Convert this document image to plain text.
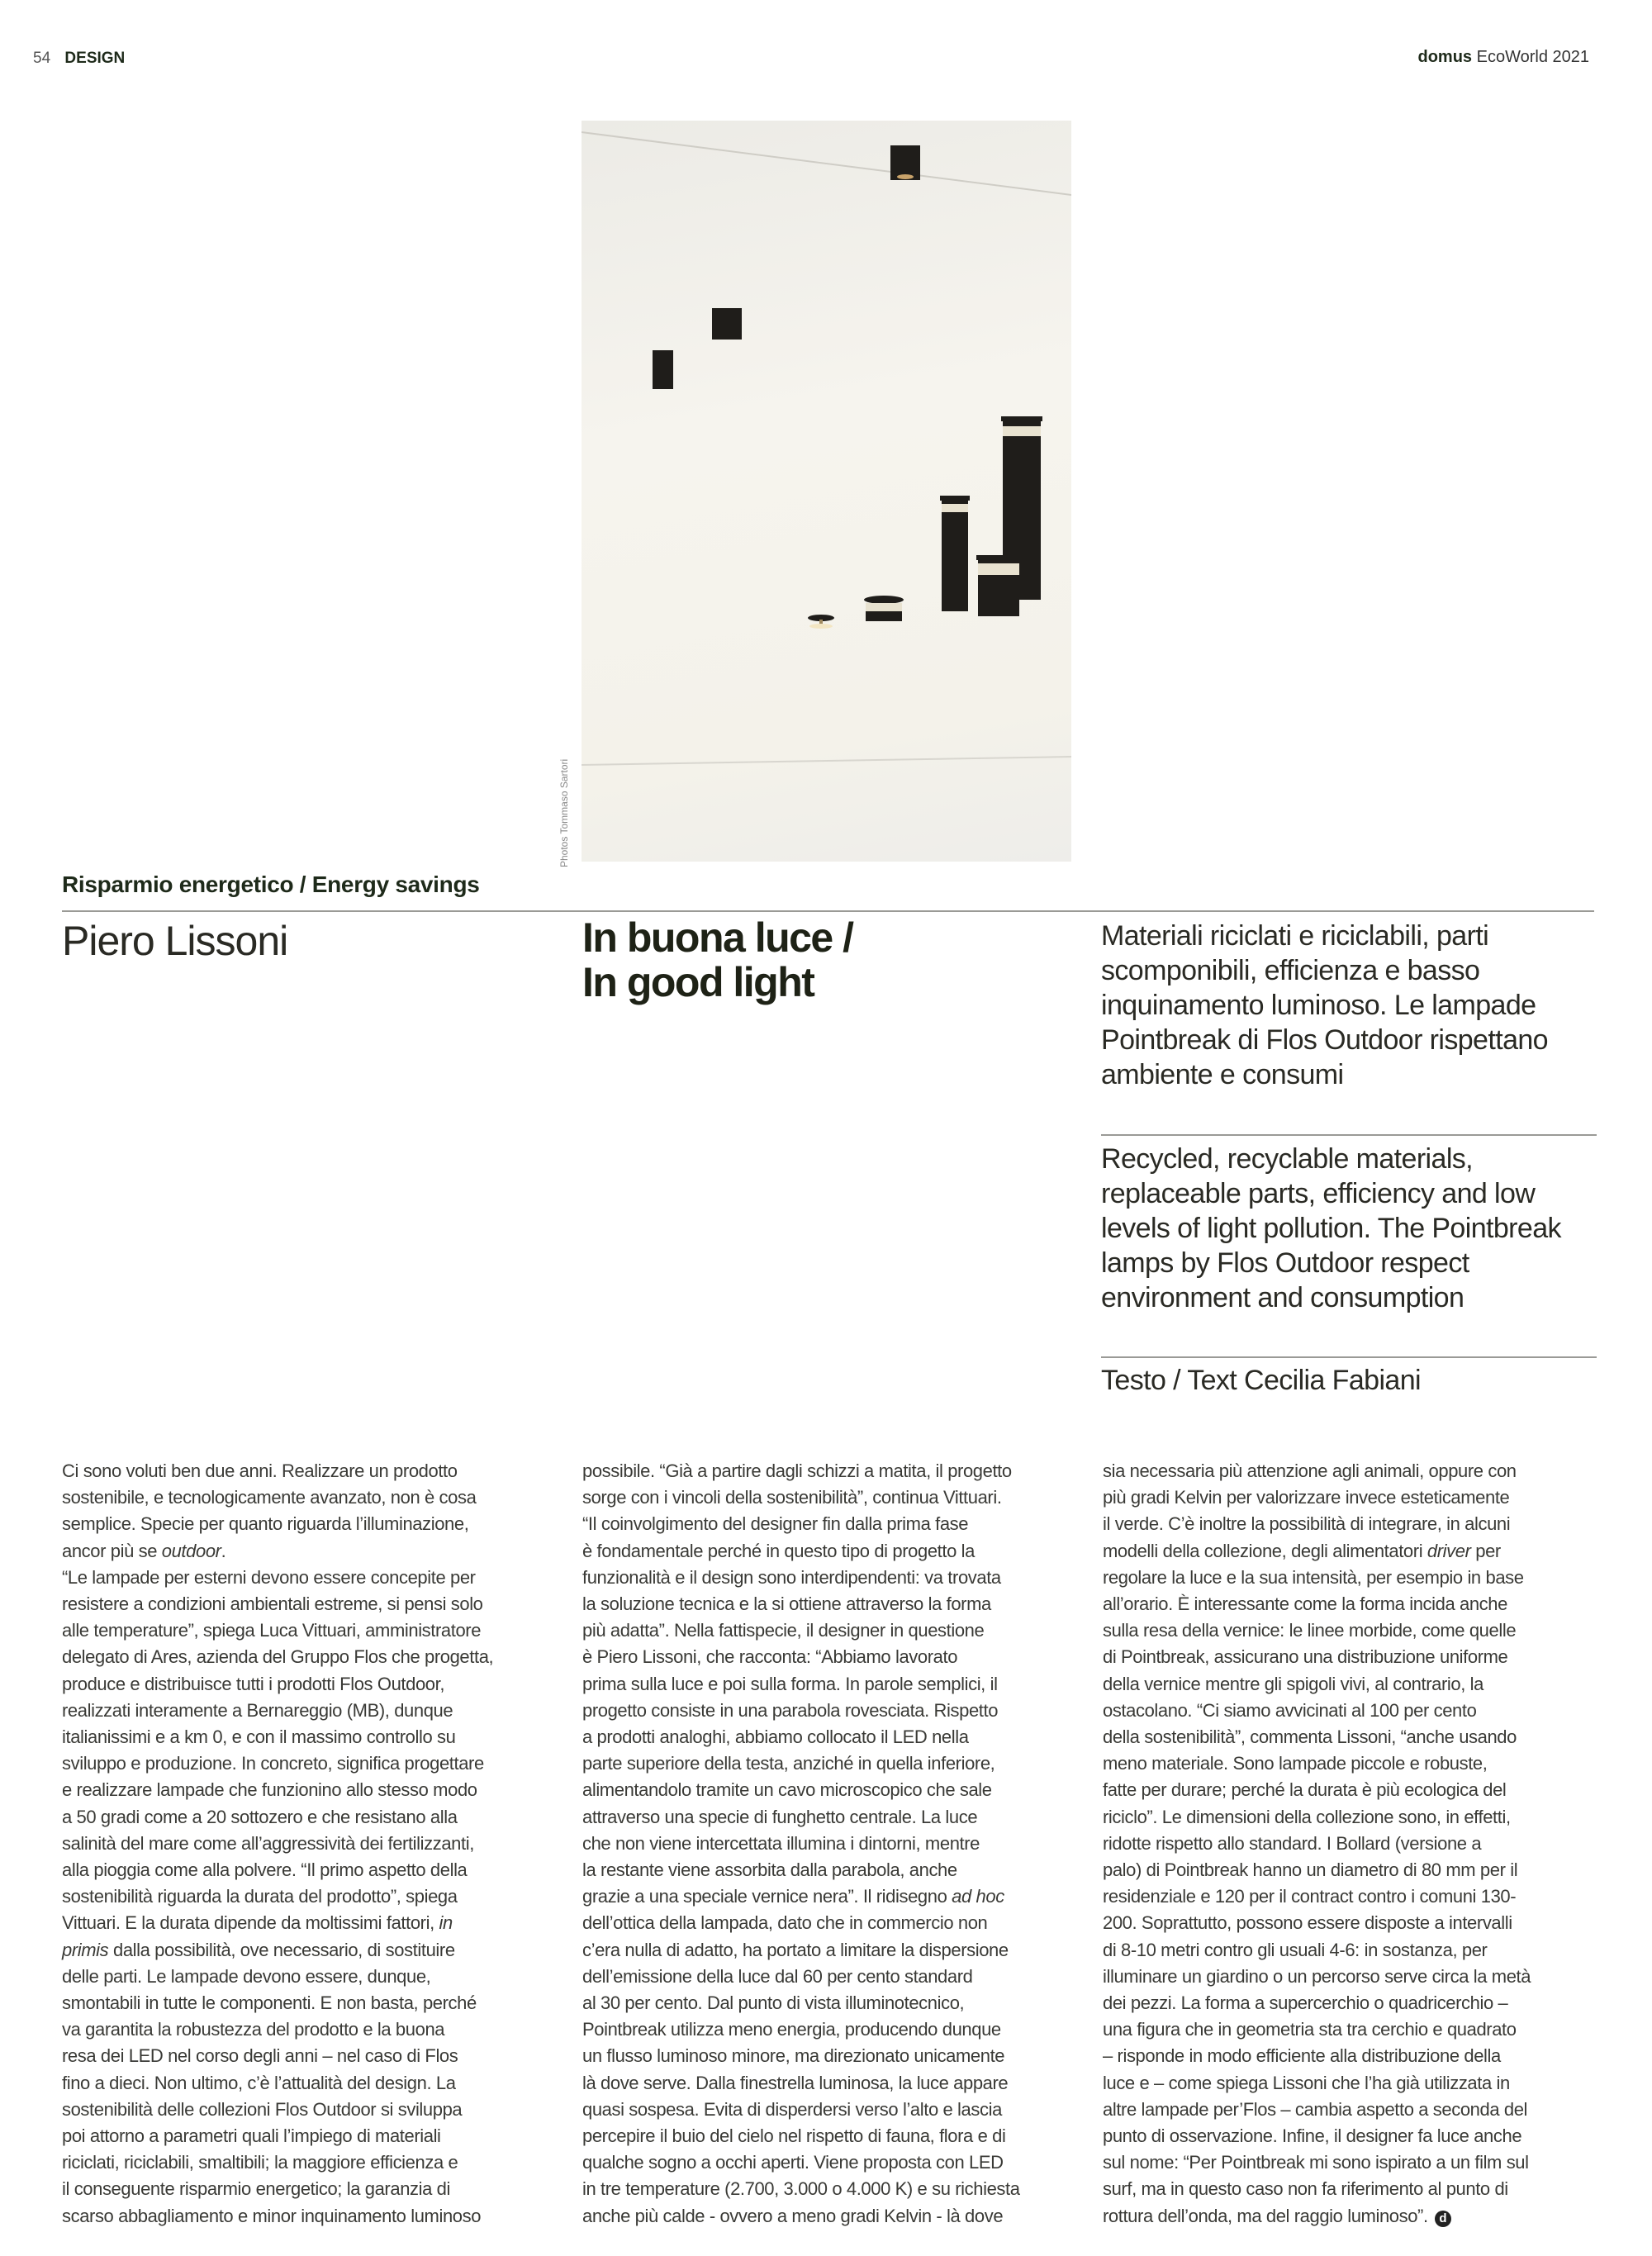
54 DESIGN	domus EcoWorld 2021
Photos Tommaso Sartori
Risparmio energetico / Energy savings
Piero Lissoni	In buona luce /
In good light
Materiali riciclati e riciclabili, parti
scomponibili, efficienza e basso
inquinamento luminoso. Le lampade
Pointbreak di Flos Outdoor rispettano
ambiente e consumi
Recycled, recyclable materials,
replaceable parts, efficiency and low
levels of light pollution. The Pointbreak
lamps by Flos Outdoor respect
environment and consumption
Testo / Text Cecilia Fabiani

Ci sono voluti ben due anni. Realizzare un prodotto

sostenibile, e tecnologicamente avanzato, non è cosa

semplice. Specie per quanto riguarda l’illuminazione,

ancor più se outdoor.

“Le lampade per esterni devono essere concepite per

resistere a condizioni ambientali estreme, si pensi solo

alle temperature”, spiega Luca Vittuari, amministratore

delegato di Ares, azienda del Gruppo Flos che progetta,

produce e distribuisce tutti i prodotti Flos Outdoor,

realizzati interamente a Bernareggio (MB), dunque

italianissimi e a km 0, e con il massimo controllo su

sviluppo e produzione. In concreto, significa progettare

e realizzare lampade che funzionino allo stesso modo

a 50 gradi come a 20 sottozero e che resistano alla

salinità del mare come all’aggressività dei fertilizzanti,

alla pioggia come alla polvere. “Il primo aspetto della

sostenibilità riguarda la durata del prodotto”, spiega

Vittuari. E la durata dipende da moltissimi fattori, in

primis dalla possibilità, ove necessario, di sostituire

delle parti. Le lampade devono essere, dunque,

smontabili in tutte le componenti. E non basta, perché

va garantita la robustezza del prodotto e la buona

resa dei LED nel corso degli anni – nel caso di Flos

fino a dieci. Non ultimo, c’è l’attualità del design. La

sostenibilità delle collezioni Flos Outdoor si sviluppa

poi attorno a parametri quali l’impiego di materiali

riciclati, riciclabili, smaltibili; la maggiore efficienza e

il conseguente risparmio energetico; la garanzia di

scarso abbagliamento e minor inquinamento luminoso

possibile. “Già a partire dagli schizzi a matita, il progetto

sorge con i vincoli della sostenibilità”, continua Vittuari.

“Il coinvolgimento del designer fin dalla prima fase

è fondamentale perché in questo tipo di progetto la

funzionalità e il design sono interdipendenti: va trovata

la soluzione tecnica e la si ottiene attraverso la forma

più adatta”. Nella fattispecie, il designer in questione

è Piero Lissoni, che racconta: “Abbiamo lavorato

prima sulla luce e poi sulla forma. In parole semplici, il

progetto consiste in una parabola rovesciata. Rispetto

a prodotti analoghi, abbiamo collocato il LED nella

parte superiore della testa, anziché in quella inferiore,

alimentandolo tramite un cavo microscopico che sale

attraverso una specie di funghetto centrale. La luce

che non viene intercettata illumina i dintorni, mentre

la restante viene assorbita dalla parabola, anche

grazie a una speciale vernice nera”. Il ridisegno ad hoc

dell’ottica della lampada, dato che in commercio non

c’era nulla di adatto, ha portato a limitare la dispersione

dell’emissione della luce dal 60 per cento standard

al 30 per cento. Dal punto di vista illuminotecnico,

Pointbreak utilizza meno energia, producendo dunque

un flusso luminoso minore, ma direzionato unicamente

là dove serve. Dalla finestrella luminosa, la luce appare

quasi sospesa. Evita di disperdersi verso l’alto e lascia

percepire il buio del cielo nel rispetto di fauna, flora e di

qualche sogno a occhi aperti. Viene proposta con LED

in tre temperature (2.700, 3.000 o 4.000 K) e su richiesta

anche più calde - ovvero a meno gradi Kelvin - là dove

sia necessaria più attenzione agli animali, oppure con

più gradi Kelvin per valorizzare invece esteticamente

il verde. C’è inoltre la possibilità di integrare, in alcuni

modelli della collezione, degli alimentatori driver per

regolare la luce e la sua intensità, per esempio in base

all’orario. È interessante come la forma incida anche

sulla resa della vernice: le linee morbide, come quelle

di Pointbreak, assicurano una distribuzione uniforme

della vernice mentre gli spigoli vivi, al contrario, la

ostacolano. “Ci siamo avvicinati al 100 per cento

della sostenibilità”, commenta Lissoni, “anche usando

meno materiale. Sono lampade piccole e robuste,

fatte per durare; perché la durata è più ecologica del

riciclo”. Le dimensioni della collezione sono, in effetti,

ridotte rispetto allo standard. I Bollard (versione a

palo) di Pointbreak hanno un diametro di 80 mm per il

residenziale e 120 per il contract contro i comuni 130-

200. Soprattutto, possono essere disposte a intervalli

di 8-10 metri contro gli usuali 4-6: in sostanza, per

illuminare un giardino o un percorso serve circa la metà

dei pezzi. La forma a supercerchio o quadricerchio –

una figura che in geometria sta tra cerchio e quadrato

– risponde in modo efficiente alla distribuzione della

luce e – come spiega Lissoni che l’ha già utilizzata in

altre lampade per’Flos – cambia aspetto a seconda del

punto di osservazione. Infine, il designer fa luce anche

sul nome: “Per Pointbreak mi sono ispirato a un film sul

surf, ma in questo caso non fa riferimento al punto di

rottura dell’onda, ma del raggio luminoso”. d
